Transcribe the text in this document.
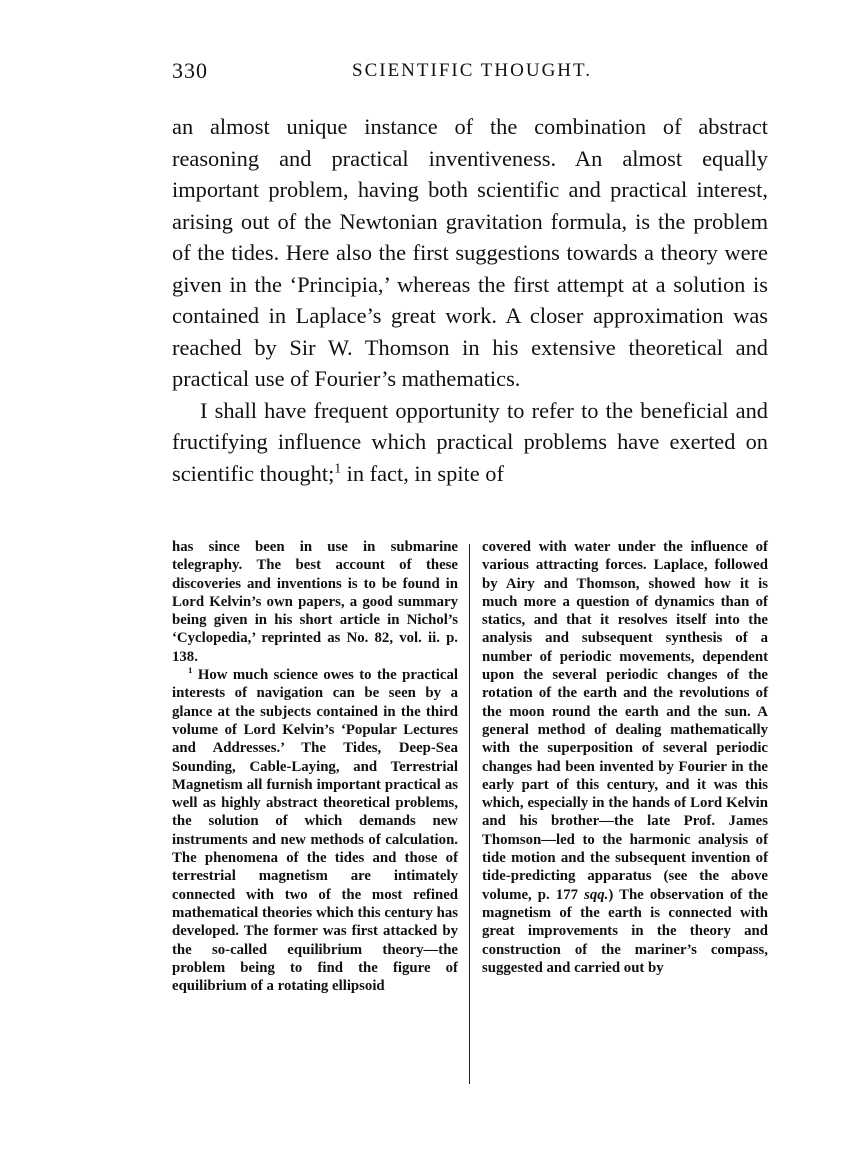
330	SCIENTIFIC THOUGHT.

an almost unique instance of the combination of abstract reasoning and practical inventiveness. An almost equally important problem, having both scientific and practical interest, arising out of the Newtonian gravitation formula, is the problem of the tides. Here also the first suggestions towards a theory were given in the ‘Principia,’ whereas the first attempt at a solution is contained in Laplace’s great work. A closer approximation was reached by Sir W. Thomson in his extensive theoretical and practical use of Fourier’s mathematics.

I shall have frequent opportunity to refer to the beneficial and fructifying influence which practical problems have exerted on scientific thought;$^1$ in fact, in spite of

has since been in use in submarine telegraphy. The best account of these discoveries and inventions is to be found in Lord Kelvin’s own papers, a good summary being given in his short article in Nichol’s ‘Cyclopedia,’ reprinted as No. 82, vol. ii. p. 138.

$^1$ How much science owes to the practical interests of navigation can be seen by a glance at the subjects contained in the third volume of Lord Kelvin’s ‘Popular Lectures and Addresses.’ The Tides, Deep-Sea Sounding, Cable-Laying, and Terrestrial Magnetism all furnish important practical as well as highly abstract theoretical problems, the solution of which demands new instruments and new methods of calculation. The phenomena of the tides and those of terrestrial magnetism are intimately connected with two of the most refined mathematical theories which this century has developed. The former was first attacked by the so-called equilibrium theory—the problem being to find the figure of equilibrium of a rotating ellipsoid

covered with water under the influence of various attracting forces. Laplace, followed by Airy and Thomson, showed how it is much more a question of dynamics than of statics, and that it resolves itself into the analysis and subsequent synthesis of a number of periodic movements, dependent upon the several periodic changes of the rotation of the earth and the revolutions of the moon round the earth and the sun. A general method of dealing mathematically with the superposition of several periodic changes had been invented by Fourier in the early part of this century, and it was this which, especially in the hands of Lord Kelvin and his brother—the late Prof. James Thomson—led to the harmonic analysis of tide motion and the subsequent invention of tide-predicting apparatus (see the above volume, p. 177 sqq.) The observation of the magnetism of the earth is connected with great improvements in the theory and construction of the mariner’s compass, suggested and carried out by
